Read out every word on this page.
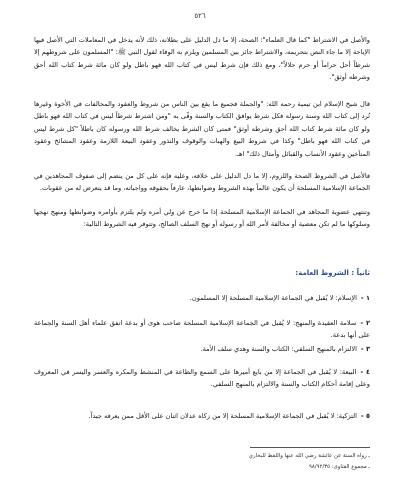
٥٢٦

والأصل في الاشتراط "كما قال العلماء": الصحة، إلا ما دل الدليل على بطلانه، ذلك لأنه يدخل في المعاملات التي الأصل فيها الإباحة إلا ما جاء النص بتحريمه، والاشتراط جائز بين المسلمين ويلزم به الوفاء لقول النبي ﷺ: "المسلمون على شروطهم إلا شرطاً أحل حراماً أو حرم حلالاً"، ومع ذلك فإن شرط ليس في كتاب الله فهو باطل ولو كان مائة شرط كتاب الله أحق وشرطه أوثق".

قال شيخ الإسلام ابن تيمية رحمه الله: "والجملة فجميع ما يقع بين الناس من شروط والعقود والمحالفات في الأخوة وغيرها تُرد إلى كتاب الله وسنة رسوله فكل شرط يوافق الكتاب والسنة وفّى به "ومن اشترط شرطاً ليس في كتاب الله فهو باطل ولو كان مائة شرط كتاب الله أحق وشرطه أوثق" فمتى كان الشرط يخالف شرط الله ورسوله كان باطلاً "كل شرط ليس في كتاب الله فهو باطل" وكذا في شروط البيع والهبات والوقوف والنذور وعقود البيعة اللازمة وعقود المشائخ وعقود المتآخين وعقود الأنساب والقبائل وأمثال ذلك" اهـ.

فالأصل في الشروط الصحة واللزوم، إلا ما دل الدليل على خلافه، وعليه فإنه على كل من ينضم إلى صفوف المجاهدين في الجماعة الإسلامية المسلحة أن يكون عالماً بهذه الشروط وضوابطها، عارفاً بحقوقه وواجباته، وما قد يتعرض له من عقوبات.

وتنتهي عضوية المجاهد في الجماعة الإسلامية المسلحة إذا ما خرج عن ولي أمره ولم يلتزم بأوامره وضوابطها ومنهج نهجها وسلوكها ما لم تكن معصية أو مخالفة لأمر الله أو رسوله أو نهج السلف الصالح، وتتوفر فيه الشروط التالية:

ثانياً : الشروط العامة:

١ -الإسلام: لا يُقبل في الجماعة الإسلامية المسلحة إلا المسلمون.

٢ -سلامة العقيدة والمنهج: لا يُقبل في الجماعة الإسلامية المسلحة صاحب هوى أو بدعة اتفق علماء أهل السنة والجماعة على أنها بدعة.

٣ -الالتزام بالمنهج السلفي: الكتاب والسنة وهدي سلف الأمة.

٤ -البيعة: لا يُقبل في الجماعة إلا من بايع أميرها على السمع والطاعة في المنشط والمكره والعسر واليسر في المعروف وعلى إقامة أحكام الكتاب والسنة والالتزام بالمنهج السلفي.

٥ -التزكية: لا يُقبل في الجماعة الإسلامية المسلحة إلا من زكاه عدلان اثنان على الأقل ممن يعرفه جيداً.

ـ رواه الستة عن عائشة رضي الله عنها واللفظ للبخاري

ـ مجموع الفتاوى: ٩٨/٩٢/٣٥
